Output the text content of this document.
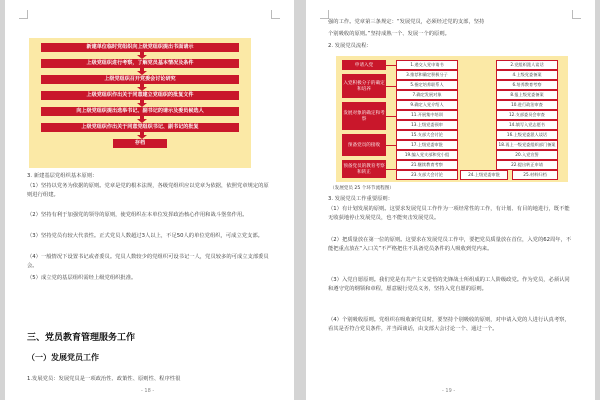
新建单位临时党组织向上级党组织提出书面请示
上级党组织进行考察，了解党员基本情况及条件
上级党组织召开党委会讨论研究
上级党组织作出关于同意建立党组织的批复文件
向上级党组织提出选举书记、副书记的请示及委员候选人
上级党组织作出关于同意党组织书记、副书记的批复
存档
3. 新建基层党组织基本原则：
（1）坚持以党务为依据的原则。党章是党的根本法规，各级党组织应以党章为依据，依照党章规定的原则进行组建。
（2）坚持有利于加强党的领导的原则，使党组织在本单位发挥政治核心作用和战斗堡垒作用。
（3）坚持党员有较大代表性。正式党员人数超过3人以上，不足50人的单位党组织，可成立党支部。
（4）一般情况下设置书记或者委员。党员人数较少的党组织可设书记一人，党员较多的可成立支部委员会。
（5）成立党的基层组织需经上级党组织批准。
三、党员教育管理服务工作
（一）发展党员工作
1.发展党员：发展党员是一项政治性、政策性、原则性、程序性很
- 18 -
强的工作。党章第三条规定：“发展党员，必须经过党的支部，坚持
个别吸收的原则。”坚持成熟一个、发展一个的原则。
2. 发展党员流程：
申请入党
入党积极分子的确定和培养
发展对象的确定和考察
预备党员的接收
预备党员的教育考察和转正
1.递交入党申请书	2.党组织派人谈话
3.推荐和确定积极分子	4.上级党委备案
5.指定培养联系人	6.培养教育考察
7.确定发展对象	8.报上级党委备案
9.确定入党介绍人	10.进行政治审查
11.开展集中培训	12.支部委员会审查
13.上级党委预审	14.填写入党志愿书
15.支部大会讨论	16.上级党委派人谈话
17.上级党委审批	18.再上一级党委组织部门备案
19.编入党支部和党小组	20.入党宣誓
21.继续教育考察	22.提出转正申请
23.支部大会讨论	24.上级党委审批	25.材料归档
（发展党员 25 个环节流程图）
3. 发展党员工作重要原则：
（1）有计划发展的原则。这要求发展党员工作作为一项经常性的工作，有计划、有目的地进行，既不能无收获地停止发展党员，也不能突击发展党员。
（2）把质量放在第一位的原则。这要求在发展党员工作中，要把党员质量放在首位，入党的62周年，不能把重点放在“入口关”不严格把住不具备党员条件的人吸收到党内来。
（3）入党自愿原则。我们党是有共产主义觉悟的先锋战士所组成的工人阶级政党。作为党员，必须认同和遵守党的纲领和章程，愿意履行党员义务，坚持入党自愿的原则。
（4）个别吸收原则。党组织在吸收新党员时，要坚持个别吸收的原则，对申请入党的人进行认真考察，看其是否符合党员条件，并当面谈话，由支部大会讨论一个、通过一个。
- 19 -
